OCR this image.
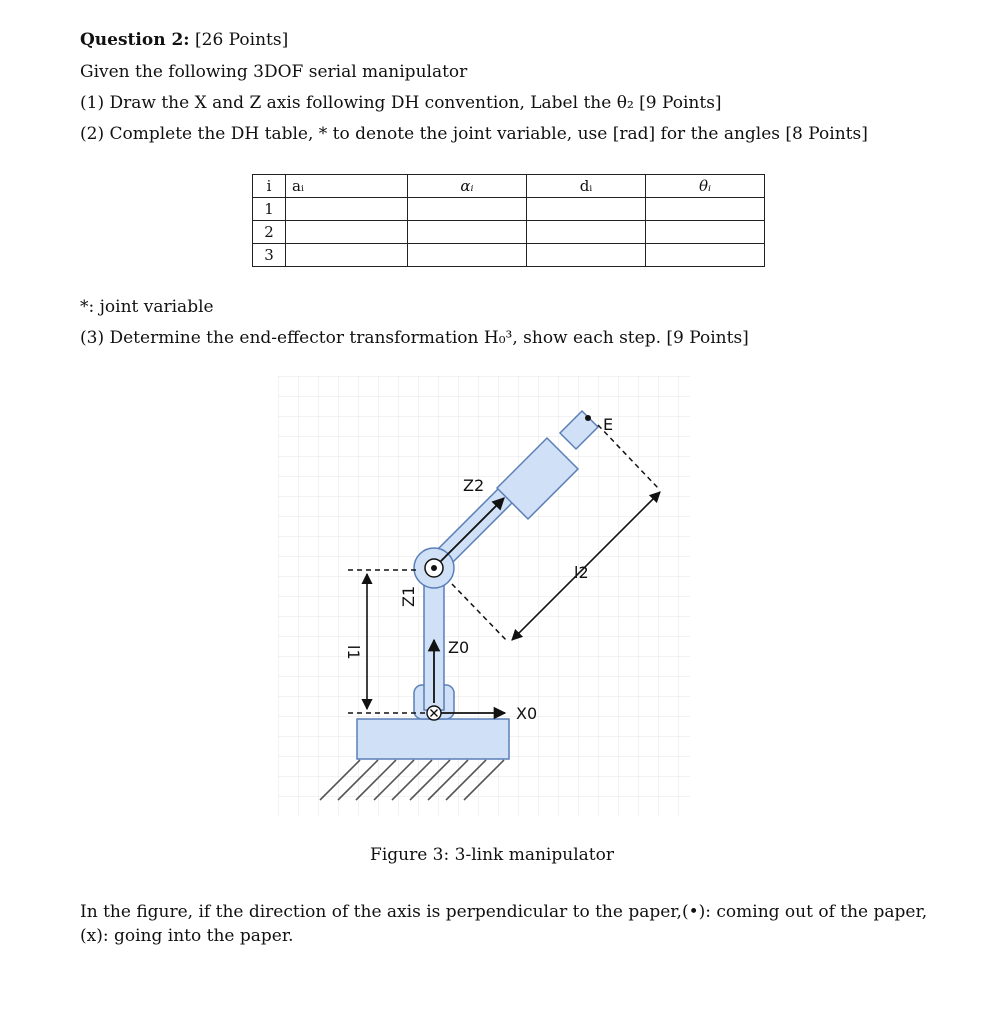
Question 2: [26 Points]
Given the following 3DOF serial manipulator
(1) Draw the X and Z axis following DH convention, Label the θ₂ [9 Points]
(2) Complete the DH table, * to denote the joint variable, use [rad] for the angles [8 Points]
i	aᵢ	αᵢ	dᵢ	θᵢ
1				
2				
3				
*: joint variable
(3) Determine the end-effector transformation H₀³, show each step. [9 Points]
E
Z2
l2
Z1
l1	Z0
X0
Figure 3: 3-link manipulator
In the figure, if the direction of the axis is perpendicular to the paper,(•): coming out of the paper, (x): going into the paper.
